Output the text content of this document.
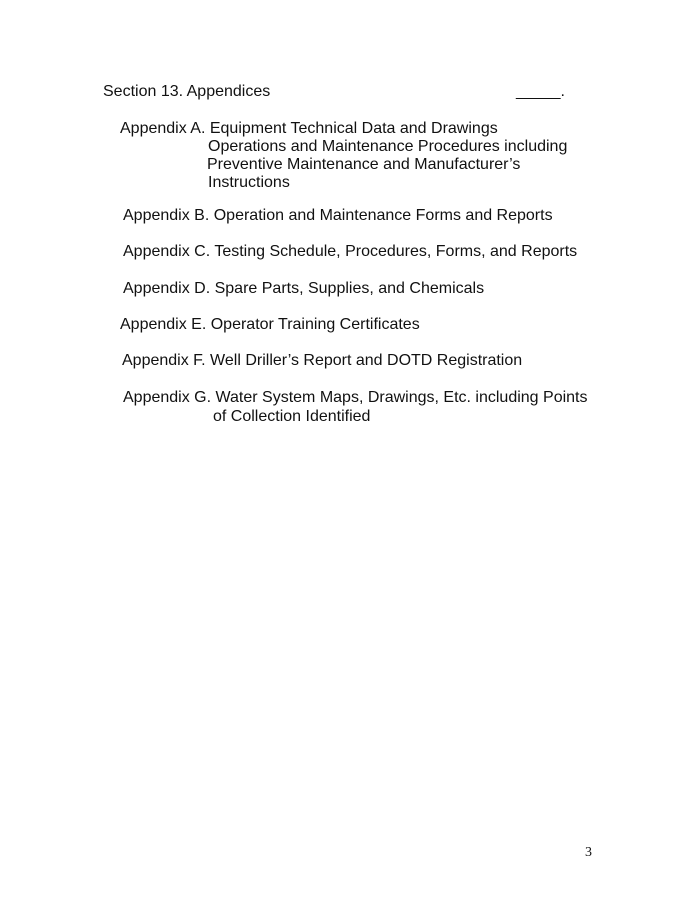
Section 13. Appendices	_____.
Appendix A. Equipment Technical Data and Drawings
Operations and Maintenance Procedures including
Preventive Maintenance and Manufacturer’s
Instructions
Appendix B. Operation and Maintenance Forms and Reports
Appendix C. Testing Schedule, Procedures, Forms, and Reports
Appendix D. Spare Parts, Supplies, and Chemicals
Appendix E. Operator Training Certificates
Appendix F. Well Driller’s Report and DOTD Registration
Appendix G. Water System Maps, Drawings, Etc. including Points
of Collection Identified
3
